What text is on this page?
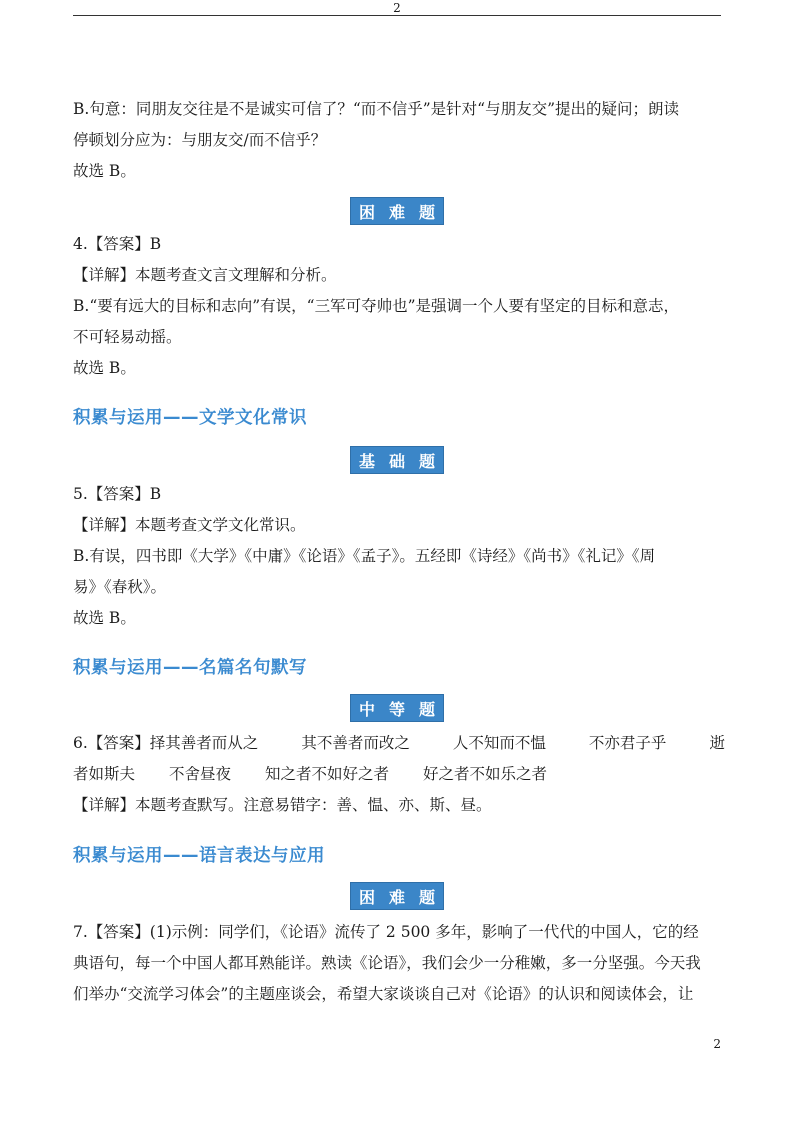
2
B.句意：同朋友交往是不是诚实可信了？“而不信乎”是针对“与朋友交”提出的疑问；朗读
停顿划分应为：与朋友交/而不信乎？
故选 B。
困 难 题
4.【答案】B
【详解】本题考查文言文理解和分析。
B.“要有远大的目标和志向”有误，“三军可夺帅也”是强调一个人要有坚定的目标和意志，
不可轻易动摇。
故选 B。
积累与运用——文学文化常识
基 础 题
5.【答案】B
【详解】本题考查文学文化常识。
B.有误，四书即《大学》《中庸》《论语》《孟子》。五经即《诗经》《尚书》《礼记》《周
易》《春秋》。
故选 B。
积累与运用——名篇名句默写
中 等 题
6.【答案】择其善者而从之	其不善者而改之	人不知而不愠	不亦君子乎	逝
者如斯夫 不舍昼夜 知之者不如好之者 好之者不如乐之者
【详解】本题考查默写。注意易错字：善、愠、亦、斯、昼。
积累与运用——语言表达与应用
困 难 题
7.【答案】(1)示例：同学们，《论语》流传了 2 500 多年，影响了一代代的中国人，它的经
典语句，每一个中国人都耳熟能详。熟读《论语》，我们会少一分稚嫩，多一分坚强。今天我
们举办“交流学习体会”的主题座谈会，希望大家谈谈自己对《论语》的认识和阅读体会，让
2
